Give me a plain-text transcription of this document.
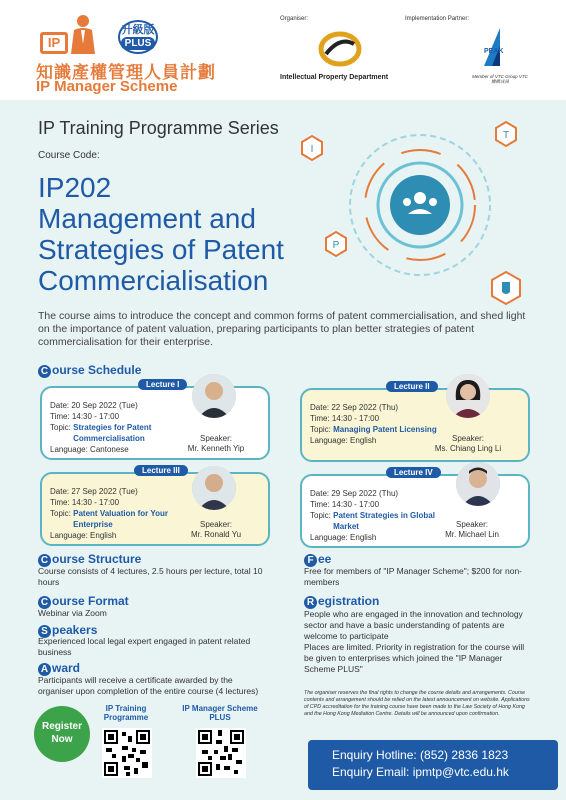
IP
升級版
PLUS
知識產權管理人員計劃
IP Manager Scheme
Organiser:
Intellectual Property Department
Implementation Partner:
PEAK
Member of VTC Group VTC 機構成員
IP Training Programme Series
Course Code:
IP202
Management and Strategies of Patent Commercialisation
I
T
P
The course aims to introduce the concept and common forms of patent commercialisation, and shed light on the importance of patent valuation, preparing participants to plan better strategies of patent commercialisation for their enterprise.
C ourse Schedule
Lecture I
Date: 20 Sep 2022 (Tue)
Time: 14:30 - 17:00
Topic:
Strategies for Patent Commercialisation
Language: Cantonese
Speaker:
Mr. Kenneth Yip
Lecture II
Date: 22 Sep 2022 (Thu)
Time: 14:30 - 17:00
Topic:
Managing Patent Licensing
Language: English	Speaker:
Ms. Chiang Ling Li
Lecture III
Date: 27 Sep 2022 (Tue)
Time: 14:30 - 17:00
Topic:
Patent Valuation for Your Enterprise
Language: English
Speaker:
Mr. Ronald Yu
Lecture IV
Date: 29 Sep 2022 (Thu)
Time: 14:30 - 17:00
Topic:
Patent Strategies in Global Market
Language: English
Speaker:
Mr. Michael Lin
C ourse Structure
Course consists of 4 lectures, 2.5 hours per lecture, total 10 hours
C ourse Format
Webinar via Zoom
S peakers
Experienced local legal expert engaged in patent related business
A ward
Participants will receive a certificate awarded by the organiser upon completion of the entire course (4 lectures)
F ee
Free for members of "IP Manager Scheme"; $200 for non-members
R egistration
People who are engaged in the innovation and technology sector and have a basic understanding of patents are welcome to participate
Places are limited. Priority in registration for the course will be given to enterprises which joined the "IP Manager Scheme PLUS"
Register Now
IP Training Programme
IP Manager Scheme PLUS
The organiser reserves the final rights to change the course details and arrangements. Course contents and arrangement should be relied on the latest announcement on website. Applications of CPD accreditation for the training course have been made to the Law Society of Hong Kong and the Hong Kong Mediation Centre. Details will be announced upon confirmation.
Enquiry Hotline: (852) 2836 1823
Enquiry Email: ipmtp@vtc.edu.hk
